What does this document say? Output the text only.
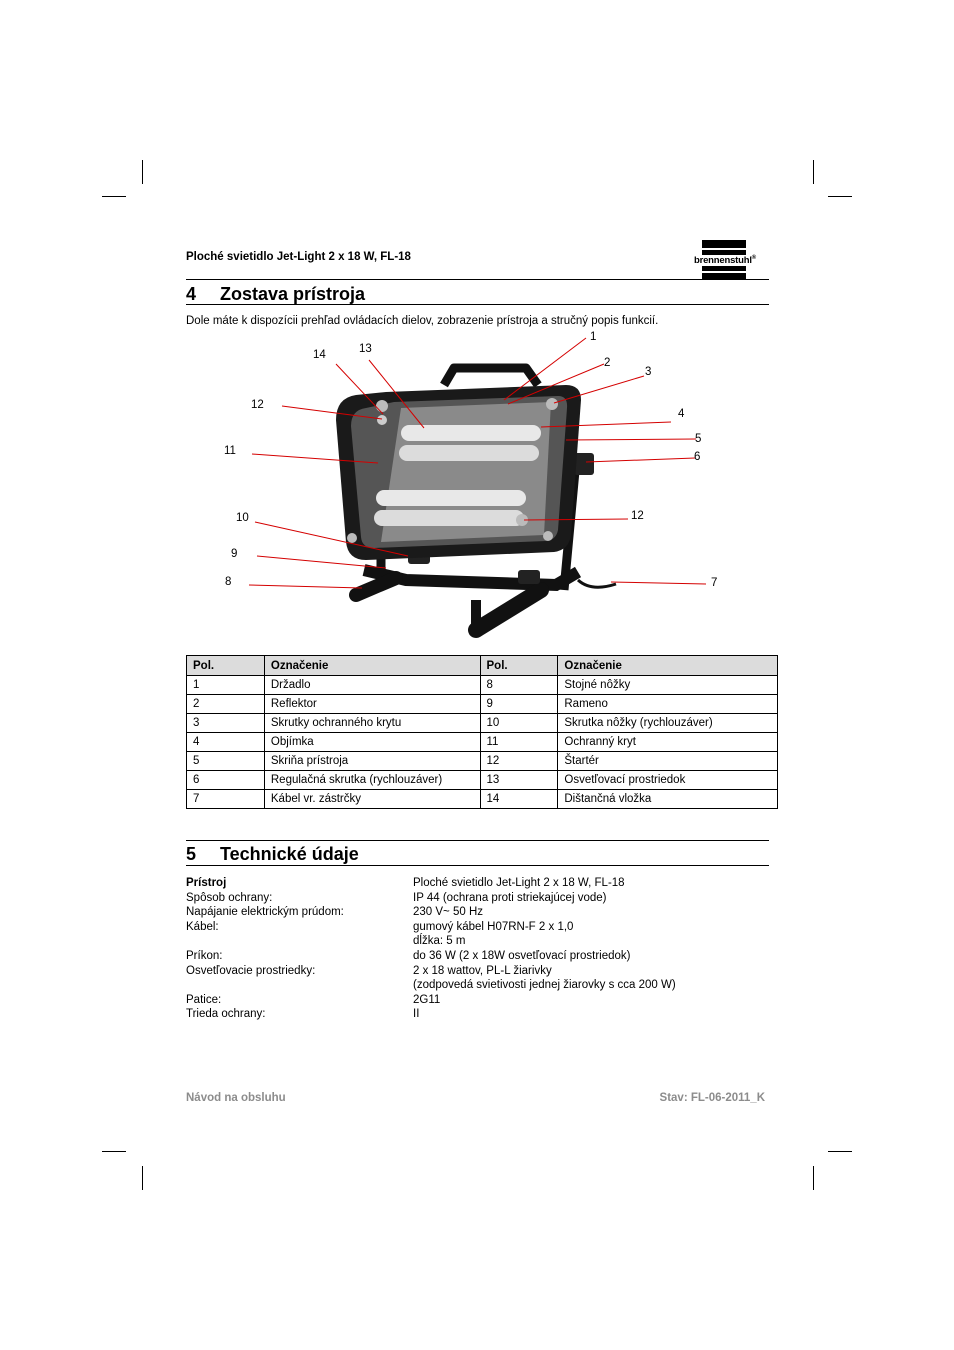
Ploché svietidlo Jet-Light 2 x 18 W, FL-18	brennenstuhl®
4 Zostava prístroja
Dole máte k dispozícii prehľad ovládacích dielov, zobrazenie prístroja a stručný popis funkcií.
1
2
3
4
5
6
7
8
9
10
11
12
12
13
14
Pol.	Označenie	Pol.	Označenie
1	Držadlo	8	Stojné nôžky
2	Reflektor	9	Rameno
3	Skrutky ochranného krytu	10	Skrutka nôžky (rychlouzáver)
4	Objímka	11	Ochranný kryt
5	Skriňa prístroja	12	Štartér
6	Regulačná skrutka (rychlouzáver)	13	Osvetľovací prostriedok
7	Kábel vr. zástrčky	14	Dištančná vložka
5 Technické údaje
Prístroj	Ploché svietidlo Jet-Light 2 x 18 W, FL-18
Spôsob ochrany:	IP 44 (ochrana proti striekajúcej vode)
Napájanie elektrickým prúdom:	230 V~ 50 Hz
Kábel:	gumový kábel H07RN-F 2 x 1,0
dĺžka: 5 m
Príkon:	do 36 W (2 x 18W osvetľovací prostriedok)
Osvetľovacie prostriedky:	2 x 18 wattov, PL-L žiarivky
(zodpovedá svietivosti jednej žiarovky s cca 200 W)
Patice:	2G11
Trieda ochrany:	II
Návod na obsluhu	Stav: FL-06-2011_K
